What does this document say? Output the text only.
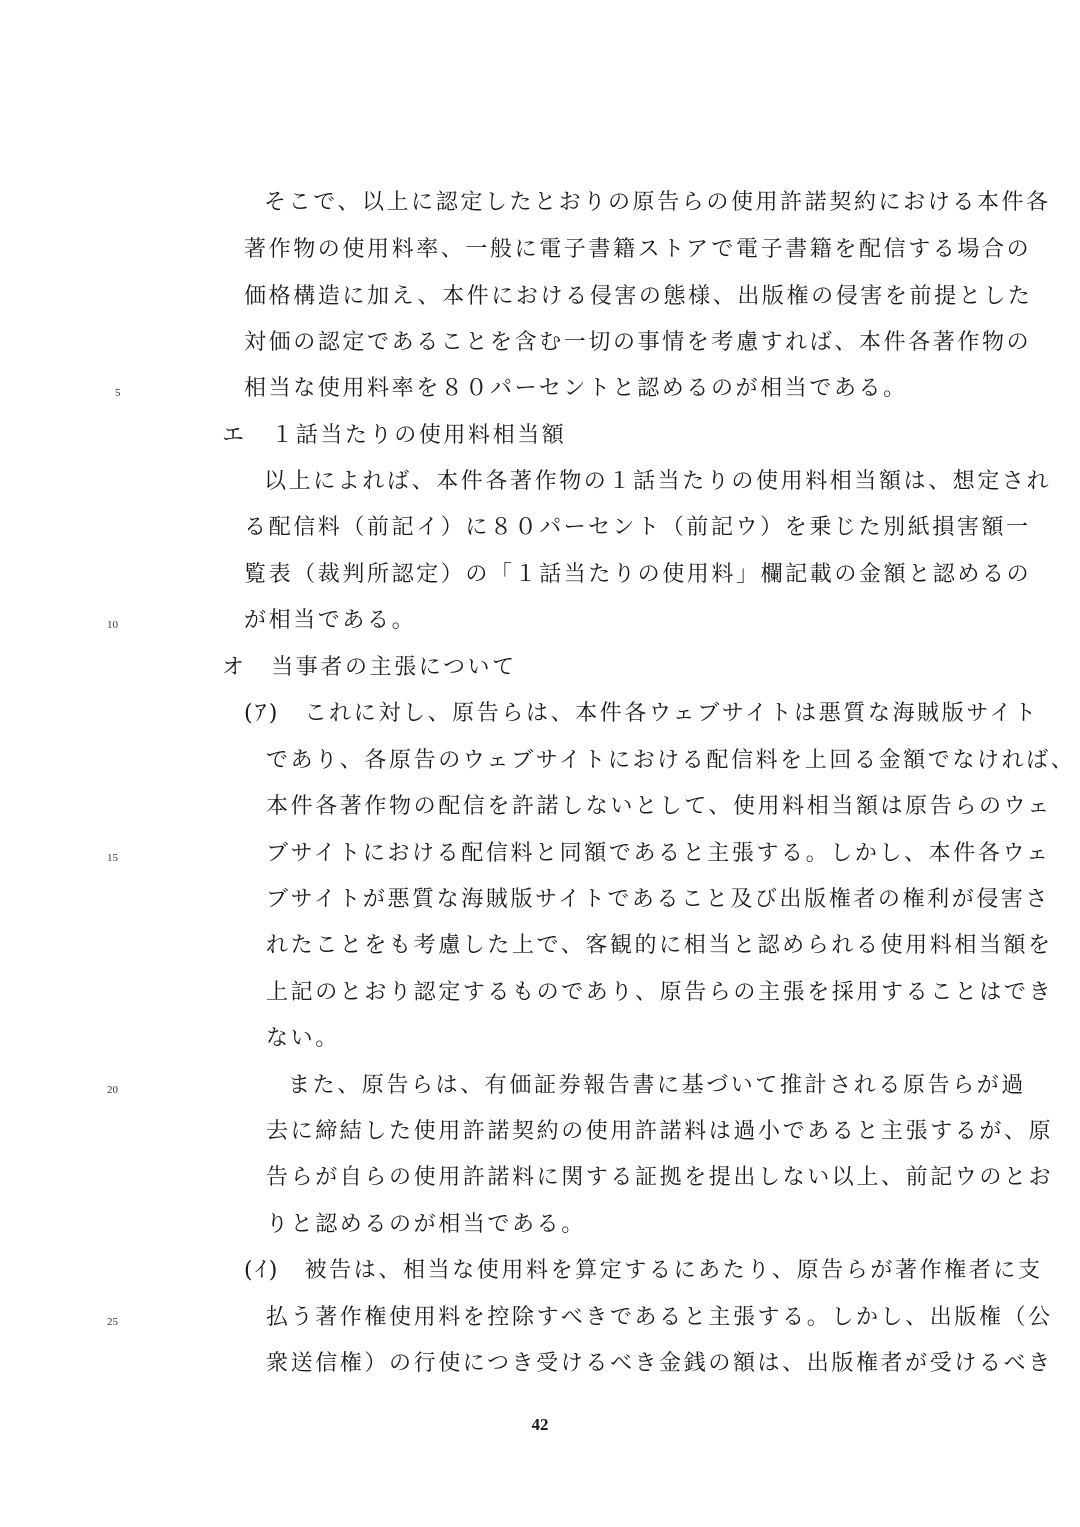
そこで、以上に認定したとおりの原告らの使用許諾契約における本件各
著作物の使用料率、一般に電子書籍ストアで電子書籍を配信する場合の
価格構造に加え、本件における侵害の態様、出版権の侵害を前提とした
対価の認定であることを含む一切の事情を考慮すれば、本件各著作物の
相当な使用料率を８０パーセントと認めるのが相当である。
エ　１話当たりの使用料相当額
以上によれば、本件各著作物の１話当たりの使用料相当額は、想定され
る配信料（前記イ）に８０パーセント（前記ウ）を乗じた別紙損害額一
覧表（裁判所認定）の「１話当たりの使用料」欄記載の金額と認めるの
が相当である。
オ　当事者の主張について
(ｱ)　これに対し、原告らは、本件各ウェブサイトは悪質な海賊版サイト
であり、各原告のウェブサイトにおける配信料を上回る金額でなければ、
本件各著作物の配信を許諾しないとして、使用料相当額は原告らのウェ
ブサイトにおける配信料と同額であると主張する。しかし、本件各ウェ
ブサイトが悪質な海賊版サイトであること及び出版権者の権利が侵害さ
れたことをも考慮した上で、客観的に相当と認められる使用料相当額を
上記のとおり認定するものであり、原告らの主張を採用することはでき
ない。
また、原告らは、有価証券報告書に基づいて推計される原告らが過
去に締結した使用許諾契約の使用許諾料は過小であると主張するが、原
告らが自らの使用許諾料に関する証拠を提出しない以上、前記ウのとお
りと認めるのが相当である。
(ｲ)　被告は、相当な使用料を算定するにあたり、原告らが著作権者に支
払う著作権使用料を控除すべきであると主張する。しかし、出版権（公
衆送信権）の行使につき受けるべき金銭の額は、出版権者が受けるべき
5
10
15
20
25
42
